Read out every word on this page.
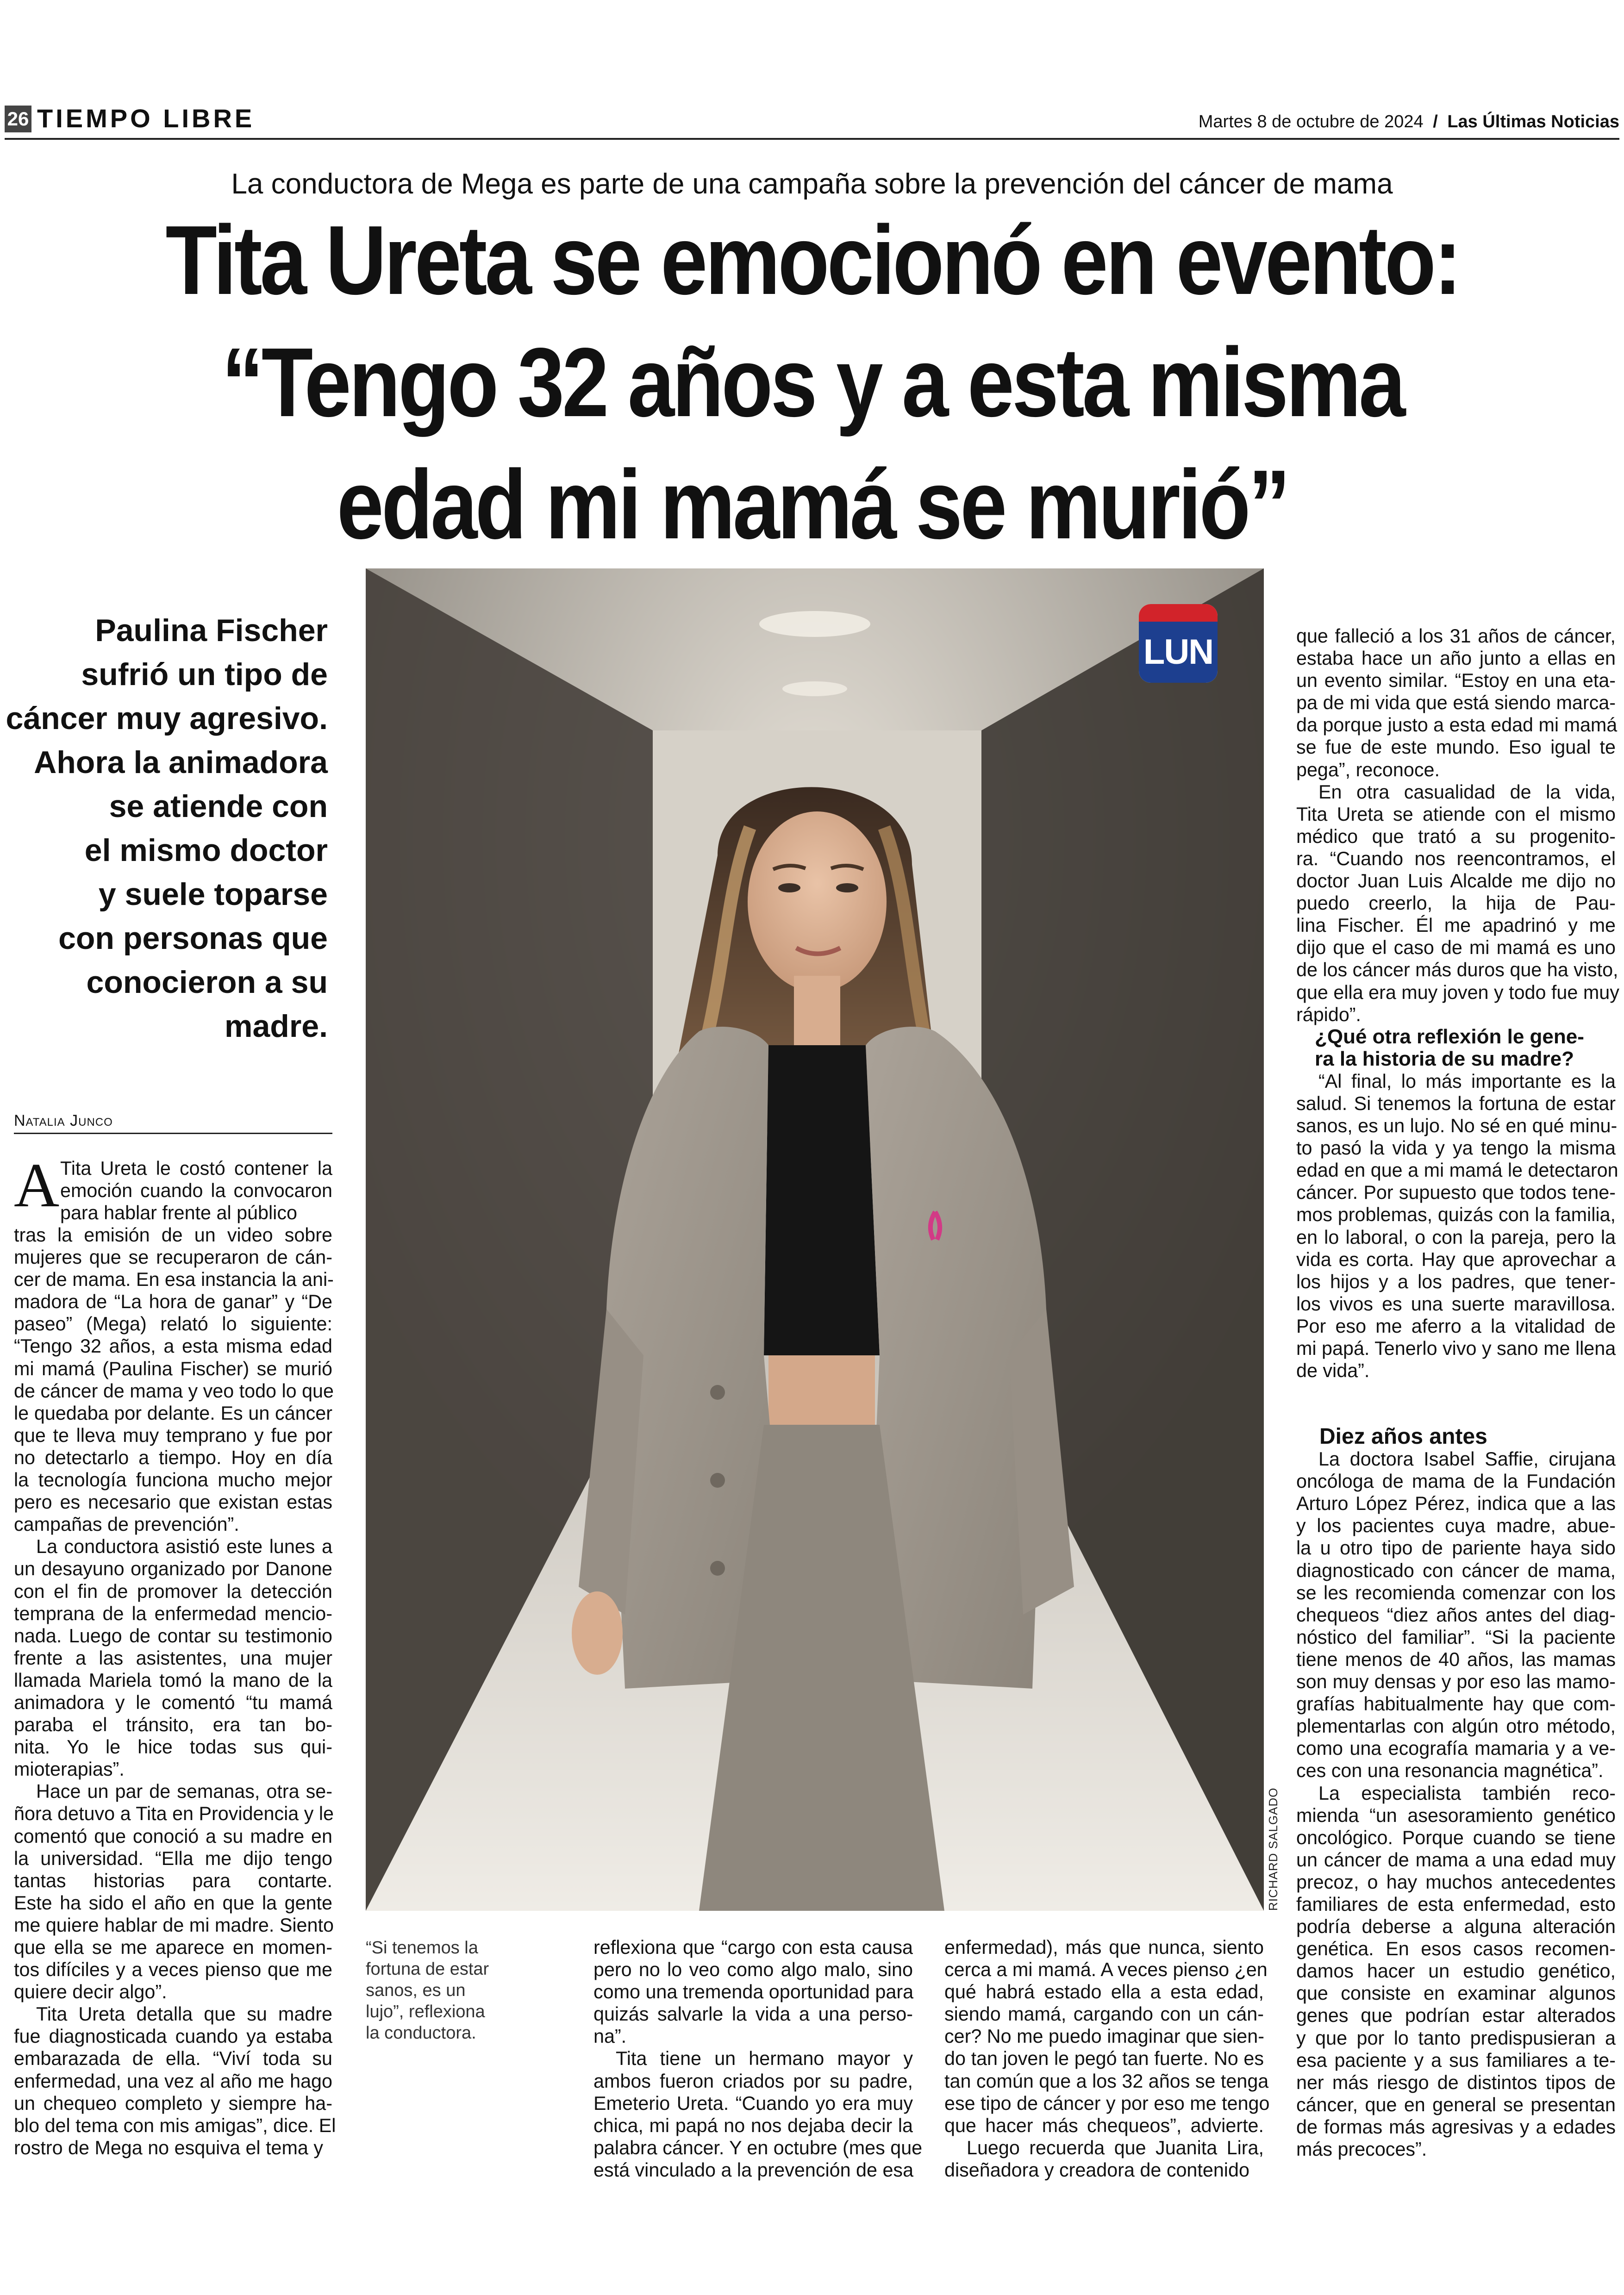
26 TIEMPO LIBRE	Martes 8 de octubre de 2024 / Las Últimas Noticias
La conductora de Mega es parte de una campaña sobre la prevención del cáncer de mama
Tita Ureta se emocionó en evento:
“Tengo 32 años y a esta misma
edad mi mamá se murió”
Paulina Fischer
sufrió un tipo de
cáncer muy agresivo.
Ahora la animadora
se atiende con
el mismo doctor
y suele toparse
con personas que
conocieron a su
madre.
Natalia Junco
LUN
RICHARD SALGADO
A Tita Ureta le costó contener la
emoción cuando la convocaron
para hablar frente al público
tras la emisión de un video sobre
mujeres que se recuperaron de cán-
cer de mama. En esa instancia la ani-
madora de “La hora de ganar” y “De
paseo” (Mega) relató lo siguiente:
“Tengo 32 años, a esta misma edad
mi mamá (Paulina Fischer) se murió
de cáncer de mama y veo todo lo que
le quedaba por delante. Es un cáncer
que te lleva muy temprano y fue por
no detectarlo a tiempo. Hoy en día
la tecnología funciona mucho mejor
pero es necesario que existan estas
campañas de prevención”.
La conductora asistió este lunes a
un desayuno organizado por Danone
con el fin de promover la detección
temprana de la enfermedad mencio-
nada. Luego de contar su testimonio
frente a las asistentes, una mujer
llamada Mariela tomó la mano de la
animadora y le comentó “tu mamá
paraba el tránsito, era tan bo-
nita. Yo le hice todas sus qui-
mioterapias”.
Hace un par de semanas, otra se-
ñora detuvo a Tita en Providencia y le
comentó que conoció a su madre en
la universidad. “Ella me dijo tengo
tantas historias para contarte.
Este ha sido el año en que la gente
me quiere hablar de mi madre. Siento
que ella se me aparece en momen-
tos difíciles y a veces pienso que me
quiere decir algo”.
Tita Ureta detalla que su madre
fue diagnosticada cuando ya estaba
embarazada de ella. “Viví toda su
enfermedad, una vez al año me hago
un chequeo completo y siempre ha-
blo del tema con mis amigas”, dice. El
rostro de Mega no esquiva el tema y
“Si tenemos la
fortuna de estar
sanos, es un
lujo”, reflexiona
la conductora.
reflexiona que “cargo con esta causa
pero no lo veo como algo malo, sino
como una tremenda oportunidad para
quizás salvarle la vida a una perso-
na”.
Tita tiene un hermano mayor y
ambos fueron criados por su padre,
Emeterio Ureta. “Cuando yo era muy
chica, mi papá no nos dejaba decir la
palabra cáncer. Y en octubre (mes que
está vinculado a la prevención de esa
enfermedad), más que nunca, siento
cerca a mi mamá. A veces pienso ¿en
qué habrá estado ella a esta edad,
siendo mamá, cargando con un cán-
cer? No me puedo imaginar que sien-
do tan joven le pegó tan fuerte. No es
tan común que a los 32 años se tenga
ese tipo de cáncer y por eso me tengo
que hacer más chequeos”, advierte.
Luego recuerda que Juanita Lira,
diseñadora y creadora de contenido
que falleció a los 31 años de cáncer,
estaba hace un año junto a ellas en
un evento similar. “Estoy en una eta-
pa de mi vida que está siendo marca-
da porque justo a esta edad mi mamá
se fue de este mundo. Eso igual te
pega”, reconoce.
En otra casualidad de la vida,
Tita Ureta se atiende con el mismo
médico que trató a su progenito-
ra. “Cuando nos reencontramos, el
doctor Juan Luis Alcalde me dijo no
puedo creerlo, la hija de Pau-
lina Fischer. Él me apadrinó y me
dijo que el caso de mi mamá es uno
de los cáncer más duros que ha visto,
que ella era muy joven y todo fue muy
rápido”.
¿Qué otra reflexión le gene-
ra la historia de su madre?
“Al final, lo más importante es la
salud. Si tenemos la fortuna de estar
sanos, es un lujo. No sé en qué minu-
to pasó la vida y ya tengo la misma
edad en que a mi mamá le detectaron
cáncer. Por supuesto que todos tene-
mos problemas, quizás con la familia,
en lo laboral, o con la pareja, pero la
vida es corta. Hay que aprovechar a
los hijos y a los padres, que tener-
los vivos es una suerte maravillosa.
Por eso me aferro a la vitalidad de
mi papá. Tenerlo vivo y sano me llena
de vida”.
Diez años antes
La doctora Isabel Saffie, cirujana
oncóloga de mama de la Fundación
Arturo López Pérez, indica que a las
y los pacientes cuya madre, abue-
la u otro tipo de pariente haya sido
diagnosticado con cáncer de mama,
se les recomienda comenzar con los
chequeos “diez años antes del diag-
nóstico del familiar”. “Si la paciente
tiene menos de 40 años, las mamas
son muy densas y por eso las mamo-
grafías habitualmente hay que com-
plementarlas con algún otro método,
como una ecografía mamaria y a ve-
ces con una resonancia magnética”.
La especialista también reco-
mienda “un asesoramiento genético
oncológico. Porque cuando se tiene
un cáncer de mama a una edad muy
precoz, o hay muchos antecedentes
familiares de esta enfermedad, esto
podría deberse a alguna alteración
genética. En esos casos recomen-
damos hacer un estudio genético,
que consiste en examinar algunos
genes que podrían estar alterados
y que por lo tanto predispusieran a
esa paciente y a sus familiares a te-
ner más riesgo de distintos tipos de
cáncer, que en general se presentan
de formas más agresivas y a edades
más precoces”.
